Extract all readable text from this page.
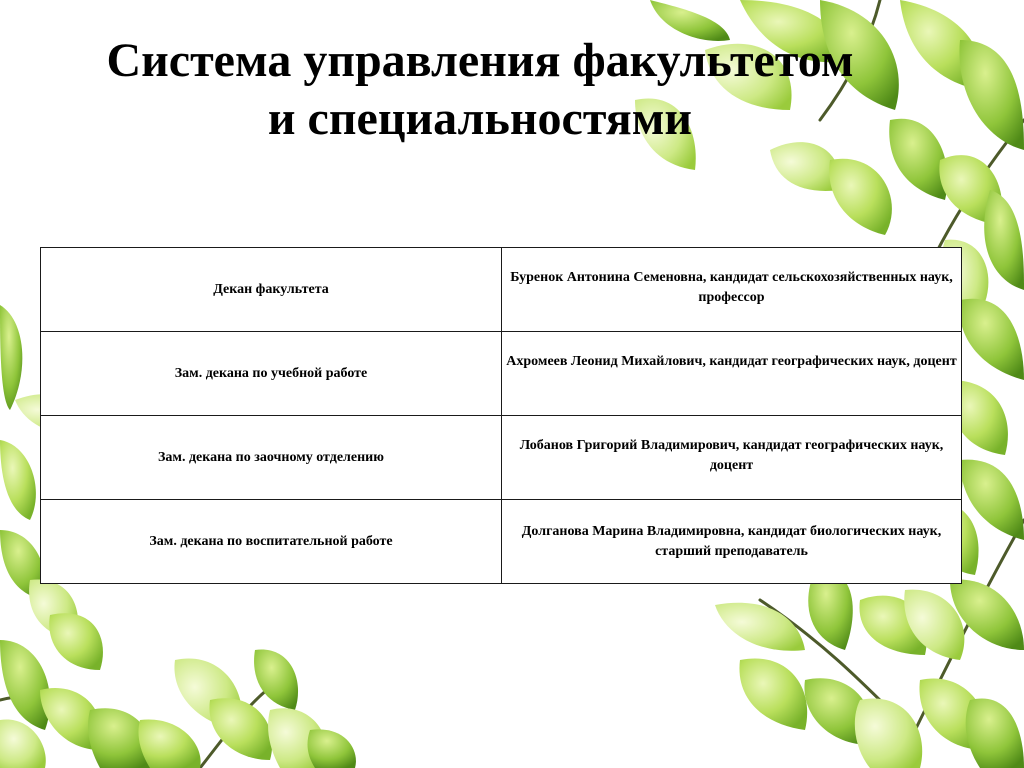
Система управления факультетом
и специальностями
Декан факультета	Буренок Антонина Семеновна, кандидат сельскохозяйственных наук, профессор
Зам. декана по учебной работе	Ахромеев Леонид Михайлович, кандидат географических наук, доцент
Зам. декана по заочному отделению	Лобанов Григорий Владимирович, кандидат географических наук, доцент
Зам. декана по воспитательной работе	Долганова Марина Владимировна, кандидат биологических наук, старший преподаватель
